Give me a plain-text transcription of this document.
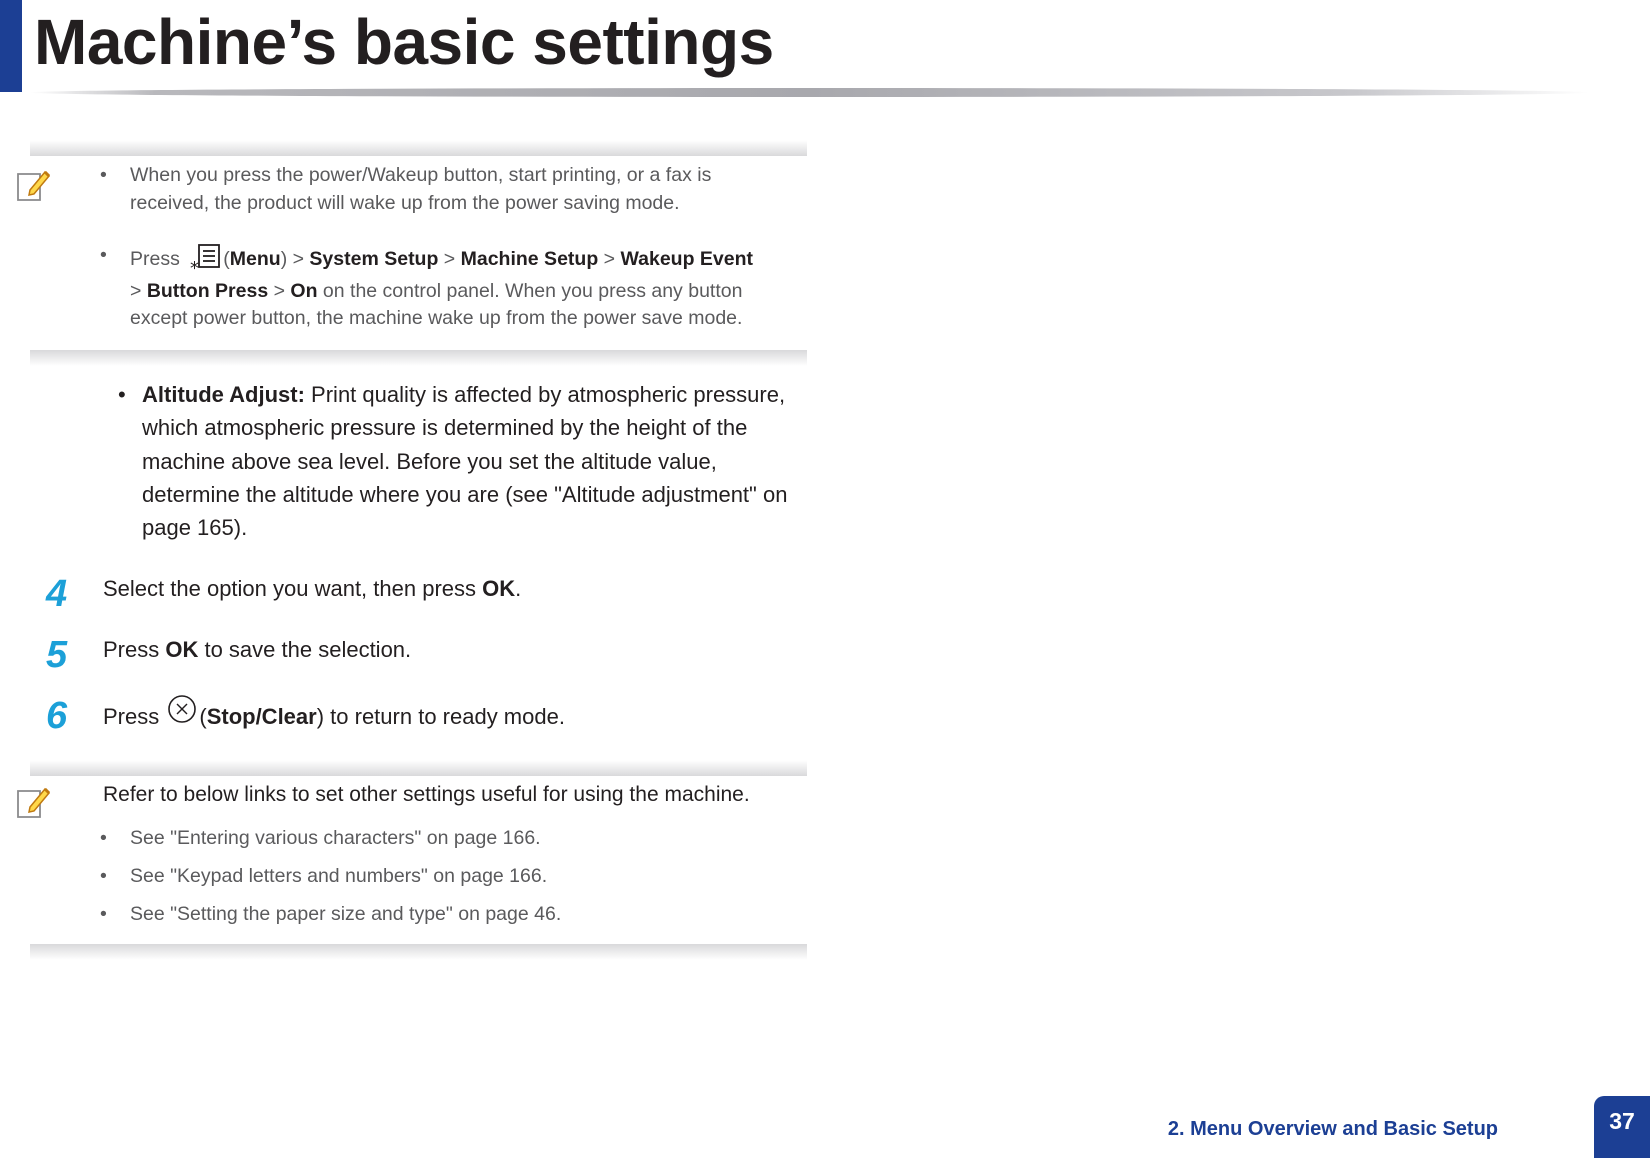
Machine’s basic settings
• When you press the power/Wakeup button, start printing, or a fax is
received, the product will wake up from the power saving mode.
• Press * (Menu) > System Setup > Machine Setup > Wakeup Event
> Button Press > On on the control panel. When you press any button
except power button, the machine wake up from the power save mode.
• Altitude Adjust: Print quality is affected by atmospheric pressure,
which atmospheric pressure is determined by the height of the
machine above sea level. Before you set the altitude value,
determine the altitude where you are (see "Altitude adjustment" on
page 165).
4 Select the option you want, then press OK.
5 Press OK to save the selection.
6 Press (Stop/Clear) to return to ready mode.
Refer to below links to set other settings useful for using the machine.
• See "Entering various characters" on page 166.
• See "Keypad letters and numbers" on page 166.
• See "Setting the paper size and type" on page 46.
2. Menu Overview and Basic Setup	37
